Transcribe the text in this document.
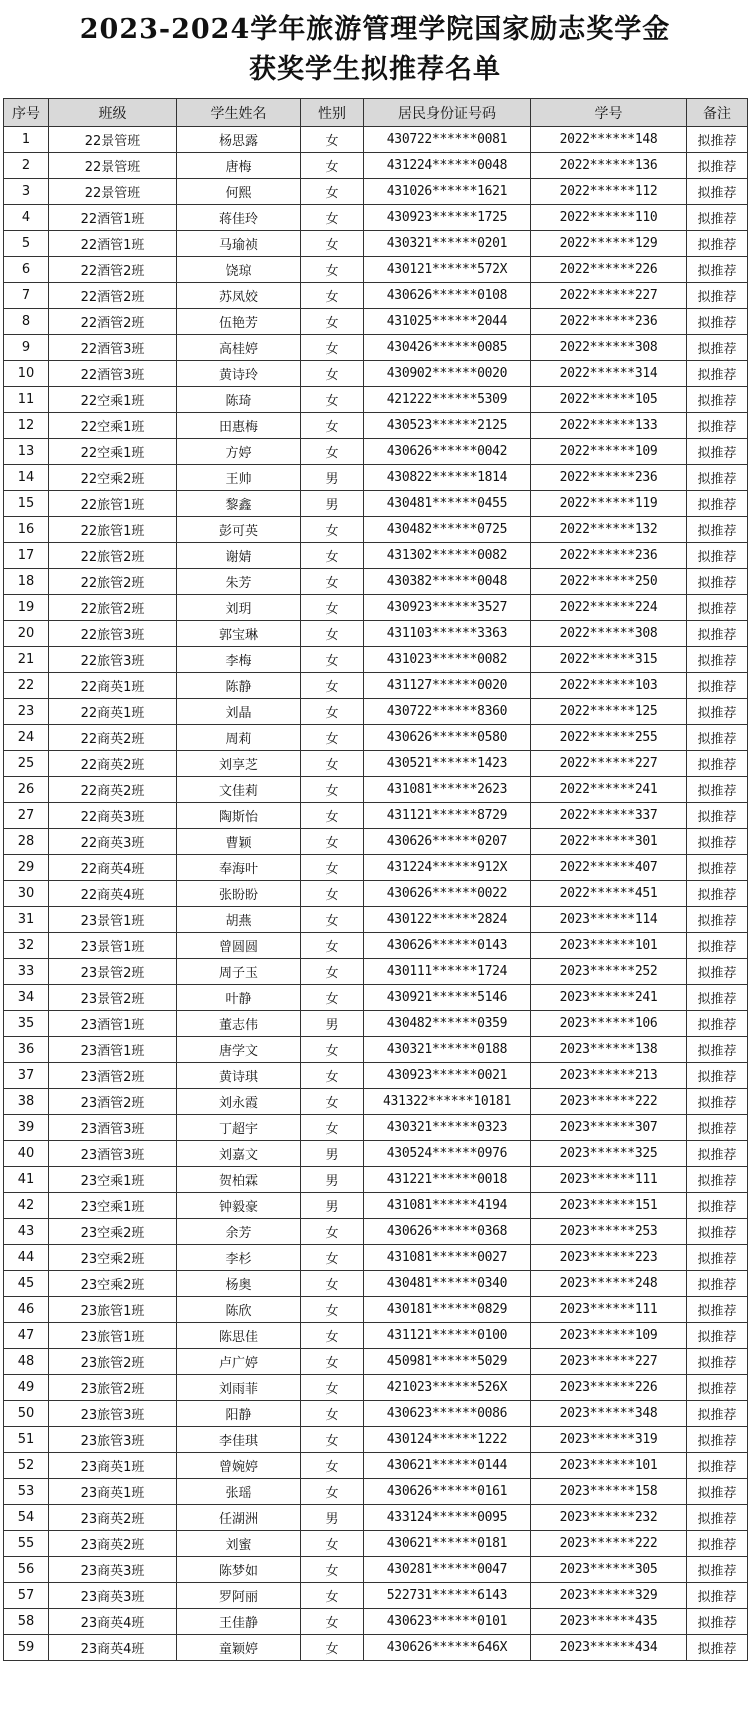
2023-2024学年旅游管理学院国家励志奖学金
获奖学生拟推荐名单
序号	班级	学生姓名	性别	居民身份证号码	学号	备注
1	22景管班	杨思露	女	430722******0081	2022******148	拟推荐
2	22景管班	唐梅	女	431224******0048	2022******136	拟推荐
3	22景管班	何熙	女	431026******1621	2022******112	拟推荐
4	22酒管1班	蒋佳玲	女	430923******1725	2022******110	拟推荐
5	22酒管1班	马瑜祯	女	430321******0201	2022******129	拟推荐
6	22酒管2班	饶琼	女	430121******572X	2022******226	拟推荐
7	22酒管2班	苏凤姣	女	430626******0108	2022******227	拟推荐
8	22酒管2班	伍艳芳	女	431025******2044	2022******236	拟推荐
9	22酒管3班	高桂婷	女	430426******0085	2022******308	拟推荐
10	22酒管3班	黄诗玲	女	430902******0020	2022******314	拟推荐
11	22空乘1班	陈琦	女	421222******5309	2022******105	拟推荐
12	22空乘1班	田惠梅	女	430523******2125	2022******133	拟推荐
13	22空乘1班	方婷	女	430626******0042	2022******109	拟推荐
14	22空乘2班	王帅	男	430822******1814	2022******236	拟推荐
15	22旅管1班	黎鑫	男	430481******0455	2022******119	拟推荐
16	22旅管1班	彭可英	女	430482******0725	2022******132	拟推荐
17	22旅管2班	谢婧	女	431302******0082	2022******236	拟推荐
18	22旅管2班	朱芳	女	430382******0048	2022******250	拟推荐
19	22旅管2班	刘玥	女	430923******3527	2022******224	拟推荐
20	22旅管3班	郭宝琳	女	431103******3363	2022******308	拟推荐
21	22旅管3班	李梅	女	431023******0082	2022******315	拟推荐
22	22商英1班	陈静	女	431127******0020	2022******103	拟推荐
23	22商英1班	刘晶	女	430722******8360	2022******125	拟推荐
24	22商英2班	周莉	女	430626******0580	2022******255	拟推荐
25	22商英2班	刘享芝	女	430521******1423	2022******227	拟推荐
26	22商英2班	文佳莉	女	431081******2623	2022******241	拟推荐
27	22商英3班	陶斯怡	女	431121******8729	2022******337	拟推荐
28	22商英3班	曹颖	女	430626******0207	2022******301	拟推荐
29	22商英4班	奉海叶	女	431224******912X	2022******407	拟推荐
30	22商英4班	张盼盼	女	430626******0022	2022******451	拟推荐
31	23景管1班	胡燕	女	430122******2824	2023******114	拟推荐
32	23景管1班	曾圆圆	女	430626******0143	2023******101	拟推荐
33	23景管2班	周子玉	女	430111******1724	2023******252	拟推荐
34	23景管2班	叶静	女	430921******5146	2023******241	拟推荐
35	23酒管1班	董志伟	男	430482******0359	2023******106	拟推荐
36	23酒管1班	唐学文	女	430321******0188	2023******138	拟推荐
37	23酒管2班	黄诗琪	女	430923******0021	2023******213	拟推荐
38	23酒管2班	刘永霞	女	431322******10181	2023******222	拟推荐
39	23酒管3班	丁超宇	女	430321******0323	2023******307	拟推荐
40	23酒管3班	刘嘉文	男	430524******0976	2023******325	拟推荐
41	23空乘1班	贺柏霖	男	431221******0018	2023******111	拟推荐
42	23空乘1班	钟毅豪	男	431081******4194	2023******151	拟推荐
43	23空乘2班	余芳	女	430626******0368	2023******253	拟推荐
44	23空乘2班	李杉	女	431081******0027	2023******223	拟推荐
45	23空乘2班	杨奥	女	430481******0340	2023******248	拟推荐
46	23旅管1班	陈欣	女	430181******0829	2023******111	拟推荐
47	23旅管1班	陈思佳	女	431121******0100	2023******109	拟推荐
48	23旅管2班	卢广婷	女	450981******5029	2023******227	拟推荐
49	23旅管2班	刘雨菲	女	421023******526X	2023******226	拟推荐
50	23旅管3班	阳静	女	430623******0086	2023******348	拟推荐
51	23旅管3班	李佳琪	女	430124******1222	2023******319	拟推荐
52	23商英1班	曾婉婷	女	430621******0144	2023******101	拟推荐
53	23商英1班	张瑶	女	430626******0161	2023******158	拟推荐
54	23商英2班	任湖洲	男	433124******0095	2023******232	拟推荐
55	23商英2班	刘蜜	女	430621******0181	2023******222	拟推荐
56	23商英3班	陈梦如	女	430281******0047	2023******305	拟推荐
57	23商英3班	罗阿丽	女	522731******6143	2023******329	拟推荐
58	23商英4班	王佳静	女	430623******0101	2023******435	拟推荐
59	23商英4班	童颖婷	女	430626******646X	2023******434	拟推荐
